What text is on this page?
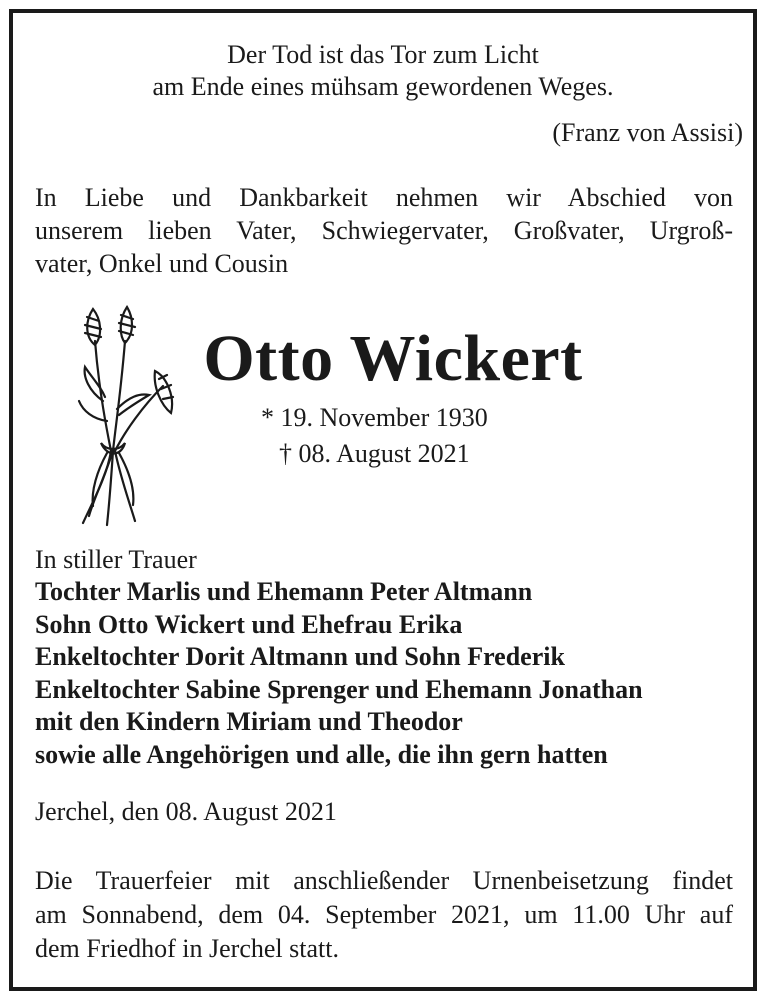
Der Tod ist das Tor zum Licht
am Ende eines mühsam gewordenen Weges.
(Franz von Assisi)
In Liebe und Dankbarkeit nehmen wir Abschied von
unserem lieben Vater, Schwiegervater, Großvater, Urgroß-
vater, Onkel und Cousin
Otto Wickert
* 19. November 1930
† 08. August 2021
In stiller Trauer
Tochter Marlis und Ehemann Peter Altmann
Sohn Otto Wickert und Ehefrau Erika
Enkeltochter Dorit Altmann und Sohn Frederik
Enkeltochter Sabine Sprenger und Ehemann Jonathan
mit den Kindern Miriam und Theodor
sowie alle Angehörigen und alle, die ihn gern hatten
Jerchel, den 08. August 2021
Die Trauerfeier mit anschließender Urnenbeisetzung findet
am Sonnabend, dem 04. September 2021, um 11.00 Uhr auf
dem Friedhof in Jerchel statt.
